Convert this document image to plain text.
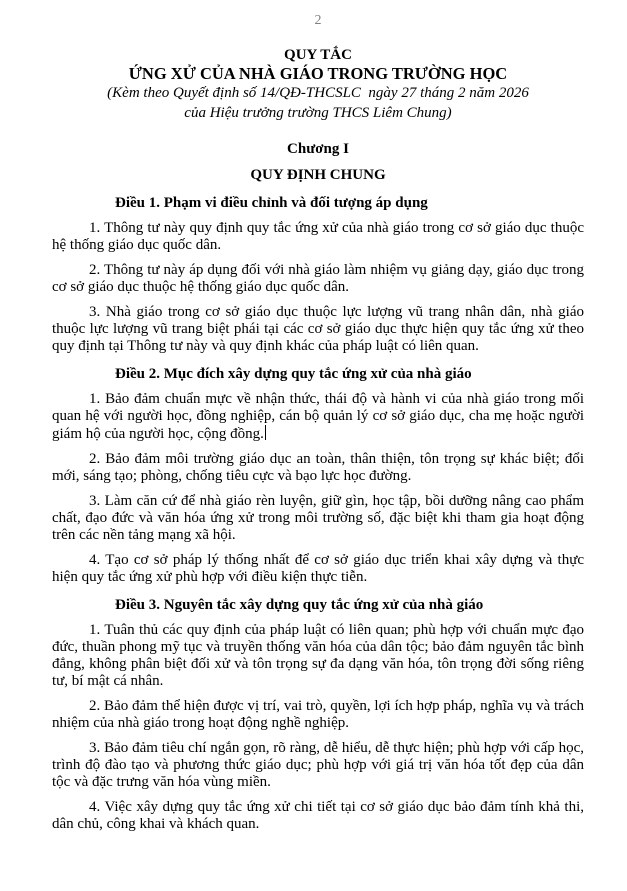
2
QUY TẮC
ỨNG XỬ CỦA NHÀ GIÁO TRONG TRƯỜNG HỌC
(Kèm theo Quyết định số 14/QĐ-THCSLC  ngày 27 tháng 2 năm 2026
của Hiệu trưởng trường THCS Liêm Chung)
Chương I
QUY ĐỊNH CHUNG
Điều 1. Phạm vi điều chỉnh và đối tượng áp dụng

1. Thông tư này quy định quy tắc ứng xử của nhà giáo trong cơ sở giáo dục thuộc hệ thống giáo dục quốc dân.

2. Thông tư này áp dụng đối với nhà giáo làm nhiệm vụ giảng dạy, giáo dục trong cơ sở giáo dục thuộc hệ thống giáo dục quốc dân.

3. Nhà giáo trong cơ sở giáo dục thuộc lực lượng vũ trang nhân dân, nhà giáo thuộc lực lượng vũ trang biệt phái tại các cơ sở giáo dục thực hiện quy tắc ứng xử theo quy định tại Thông tư này và quy định khác của pháp luật có liên quan.

Điều 2. Mục đích xây dựng quy tắc ứng xử của nhà giáo

1. Bảo đảm chuẩn mực về nhận thức, thái độ và hành vi của nhà giáo trong mối quan hệ với người học, đồng nghiệp, cán bộ quản lý cơ sở giáo dục, cha mẹ hoặc người giám hộ của người học, cộng đồng.

2. Bảo đảm môi trường giáo dục an toàn, thân thiện, tôn trọng sự khác biệt; đổi mới, sáng tạo; phòng, chống tiêu cực và bạo lực học đường.

3. Làm căn cứ để nhà giáo rèn luyện, giữ gìn, học tập, bồi dưỡng nâng cao phẩm chất, đạo đức và văn hóa ứng xử trong môi trường số, đặc biệt khi tham gia hoạt động trên các nền tảng mạng xã hội.

4. Tạo cơ sở pháp lý thống nhất để cơ sở giáo dục triển khai xây dựng và thực hiện quy tắc ứng xử phù hợp với điều kiện thực tiễn.

Điều 3. Nguyên tắc xây dựng quy tắc ứng xử của nhà giáo

1. Tuân thủ các quy định của pháp luật có liên quan; phù hợp với chuẩn mực đạo đức, thuần phong mỹ tục và truyền thống văn hóa của dân tộc; bảo đảm nguyên tắc bình đẳng, không phân biệt đối xử và tôn trọng sự đa dạng văn hóa, tôn trọng đời sống riêng tư, bí mật cá nhân.

2. Bảo đảm thể hiện được vị trí, vai trò, quyền, lợi ích hợp pháp, nghĩa vụ và trách nhiệm của nhà giáo trong hoạt động nghề nghiệp.

3. Bảo đảm tiêu chí ngắn gọn, rõ ràng, dễ hiểu, dễ thực hiện; phù hợp với cấp học, trình độ đào tạo và phương thức giáo dục; phù hợp với giá trị văn hóa tốt đẹp của dân tộc và đặc trưng văn hóa vùng miền.

4. Việc xây dựng quy tắc ứng xử chi tiết tại cơ sở giáo dục bảo đảm tính khả thi, dân chủ, công khai và khách quan.
